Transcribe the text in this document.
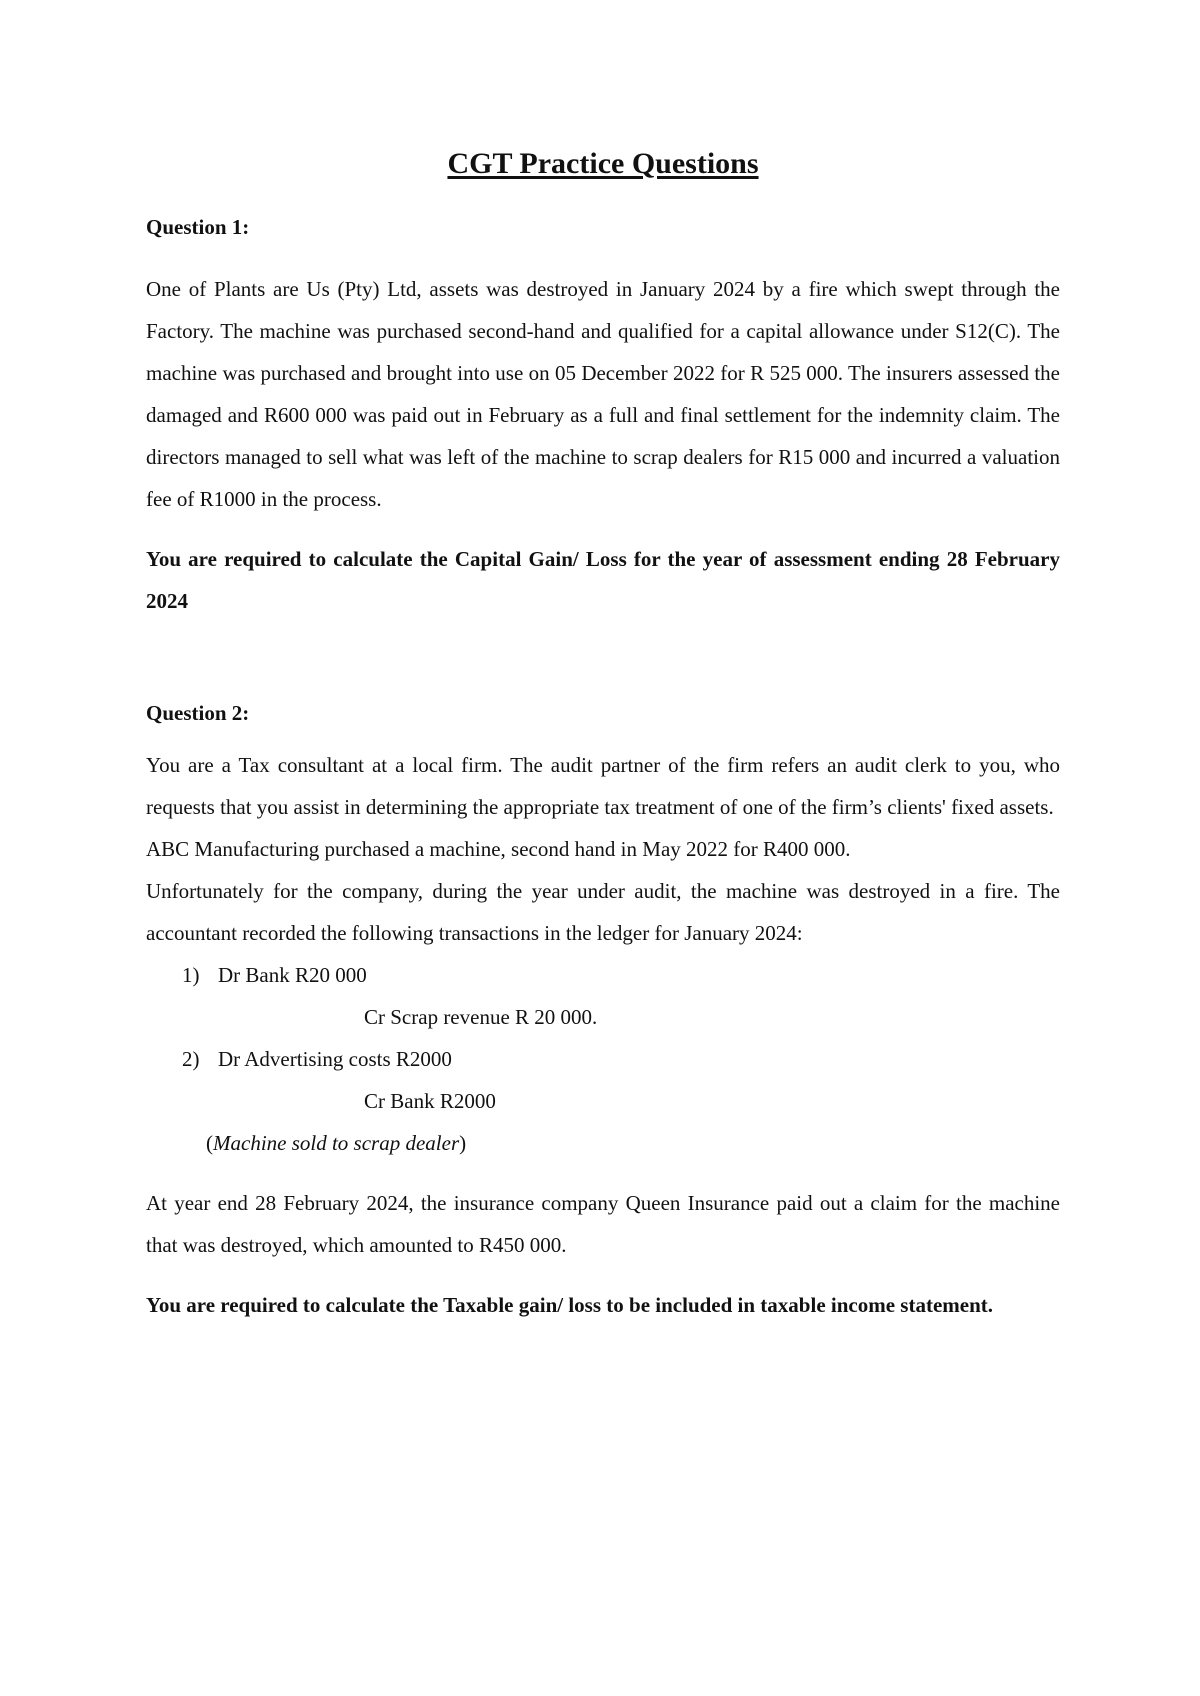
CGT Practice Questions

Question 1:

One of Plants are Us (Pty) Ltd, assets was destroyed in January 2024 by a fire which swept through the Factory. The machine was purchased second-hand and qualified for a capital allowance under S12(C). The machine was purchased and brought into use on 05 December 2022 for R 525 000. The insurers assessed the damaged and R600 000 was paid out in February as a full and final settlement for the indemnity claim. The directors managed to sell what was left of the machine to scrap dealers for R15 000 and incurred a valuation fee of R1000 in the process.

You are required to calculate the Capital Gain/ Loss for the year of assessment ending 28 February 2024

Question 2:

You are a Tax consultant at a local firm. The audit partner of the firm refers an audit clerk to you, who requests that you assist in determining the appropriate tax treatment of one of the firm’s clients' fixed assets.

ABC Manufacturing purchased a machine, second hand in May 2022 for R400 000.

Unfortunately for the company, during the year under audit, the machine was destroyed in a fire. The accountant recorded the following transactions in the ledger for January 2024:

1) Dr Bank R20 000
Cr Scrap revenue R 20 000.
2) Dr Advertising costs R2000
Cr Bank R2000

(Machine sold to scrap dealer)

At year end 28 February 2024, the insurance company Queen Insurance paid out a claim for the machine that was destroyed, which amounted to R450 000.

You are required to calculate the Taxable gain/ loss to be included in taxable income statement.
